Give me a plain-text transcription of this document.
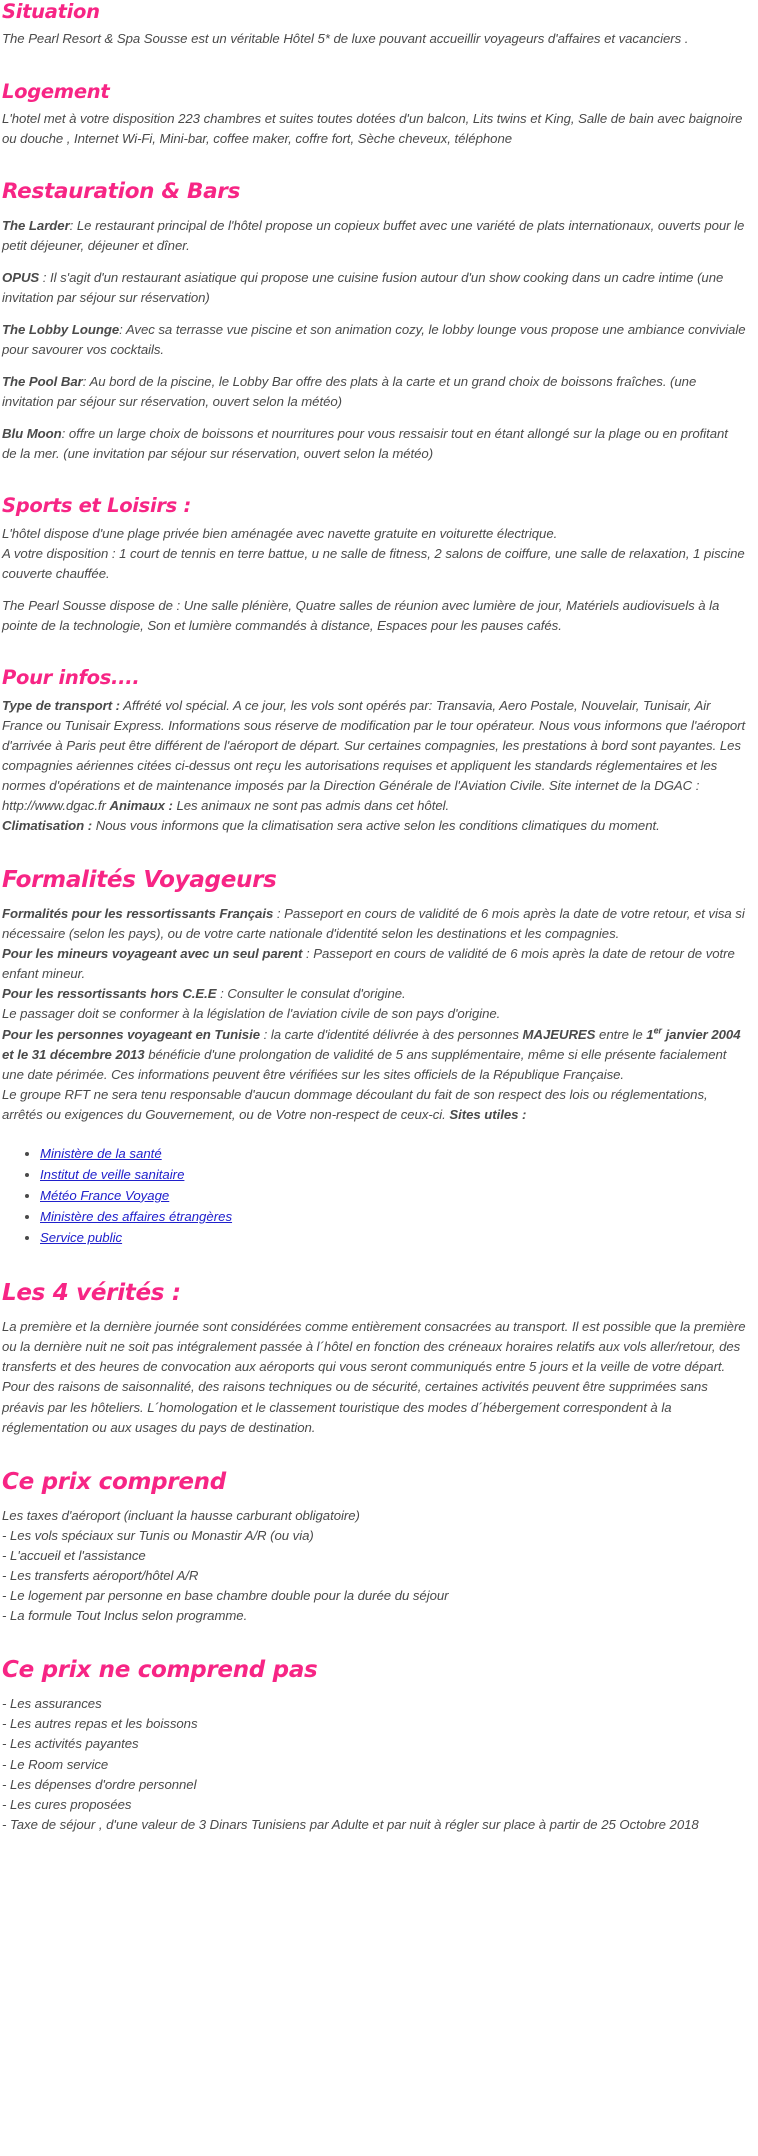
Situation

The Pearl Resort & Spa Sousse est un véritable Hôtel 5* de luxe pouvant accueillir voyageurs d'affaires et vacanciers .

Logement

L'hotel met à votre disposition 223 chambres et suites toutes dotées d'un balcon, Lits twins et King, Salle de bain avec baignoire ou douche , Internet Wi-Fi, Mini-bar, coffee maker, coffre fort, Sèche cheveux, téléphone

Restauration & Bars

The Larder: Le restaurant principal de l'hôtel propose un copieux buffet avec une variété de plats internationaux, ouverts pour le petit déjeuner, déjeuner et dîner.

OPUS : Il s'agit d'un restaurant asiatique qui propose une cuisine fusion autour d'un show cooking dans un cadre intime (une invitation par séjour sur réservation)

The Lobby Lounge: Avec sa terrasse vue piscine et son animation cozy, le lobby lounge vous propose une ambiance conviviale pour savourer vos cocktails.

The Pool Bar: Au bord de la piscine, le Lobby Bar offre des plats à la carte et un grand choix de boissons fraîches. (une invitation par séjour sur réservation, ouvert selon la météo)

Blu Moon: offre un large choix de boissons et nourritures pour vous ressaisir tout en étant allongé sur la plage ou en profitant de la mer. (une invitation par séjour sur réservation, ouvert selon la météo)

Sports et Loisirs :

L'hôtel dispose d'une plage privée bien aménagée avec navette gratuite en voiturette électrique.

A votre disposition : 1 court de tennis en terre battue, u ne salle de fitness, 2 salons de coiffure, une salle de relaxation, 1 piscine couverte chauffée.

The Pearl Sousse dispose de : Une salle plénière, Quatre salles de réunion avec lumière de jour, Matériels audiovisuels à la pointe de la technologie, Son et lumière commandés à distance, Espaces pour les pauses cafés.

Pour infos....

Type de transport : Affrété vol spécial. A ce jour, les vols sont opérés par: Transavia, Aero Postale, Nouvelair, Tunisair, Air France ou Tunisair Express. Informations sous réserve de modification par le tour opérateur. Nous vous informons que l'aéroport d'arrivée à Paris peut être différent de l'aéroport de départ. Sur certaines compagnies, les prestations à bord sont payantes. Les compagnies aériennes citées ci-dessus ont reçu les autorisations requises et appliquent les standards réglementaires et les normes d'opérations et de maintenance imposés par la Direction Générale de l'Aviation Civile. Site internet de la DGAC : http://www.dgac.fr Animaux : Les animaux ne sont pas admis dans cet hôtel.

Climatisation : Nous vous informons que la climatisation sera active selon les conditions climatiques du moment.

Formalités Voyageurs

Formalités pour les ressortissants Français : Passeport en cours de validité de 6 mois après la date de votre retour, et visa si nécessaire (selon les pays), ou de votre carte nationale d'identité selon les destinations et les compagnies.

Pour les mineurs voyageant avec un seul parent : Passeport en cours de validité de 6 mois après la date de retour de votre enfant mineur.

Pour les ressortissants hors C.E.E : Consulter le consulat d'origine.

Le passager doit se conformer à la législation de l'aviation civile de son pays d'origine.

Pour les personnes voyageant en Tunisie : la carte d'identité délivrée à des personnes MAJEURES entre le 1er janvier 2004 et le 31 décembre 2013 bénéficie d'une prolongation de validité de 5 ans supplémentaire, même si elle présente facialement une date périmée. Ces informations peuvent être vérifiées sur les sites officiels de la République Française.

Le groupe RFT ne sera tenu responsable d'aucun dommage découlant du fait de son respect des lois ou réglementations, arrêtés ou exigences du Gouvernement, ou de Votre non-respect de ceux-ci. Sites utiles :

• Ministère de la santé
• Institut de veille sanitaire
• Météo France Voyage
• Ministère des affaires étrangères
• Service public
Les 4 vérités :

La première et la dernière journée sont considérées comme entièrement consacrées au transport. Il est possible que la première ou la dernière nuit ne soit pas intégralement passée à l´hôtel en fonction des créneaux horaires relatifs aux vols aller/retour, des transferts et des heures de convocation aux aéroports qui vous seront communiqués entre 5 jours et la veille de votre départ. Pour des raisons de saisonnalité, des raisons techniques ou de sécurité, certaines activités peuvent être supprimées sans préavis par les hôteliers. L´homologation et le classement touristique des modes d´hébergement correspondent à la réglementation ou aux usages du pays de destination.

Ce prix comprend

Les taxes d'aéroport (incluant la hausse carburant obligatoire)

- Les vols spéciaux sur Tunis ou Monastir A/R (ou via)

- L'accueil et l'assistance

- Les transferts aéroport/hôtel A/R

- Le logement par personne en base chambre double pour la durée du séjour

- La formule Tout Inclus selon programme.

Ce prix ne comprend pas

- Les assurances

- Les autres repas et les boissons

- Les activités payantes

- Le Room service

- Les dépenses d'ordre personnel

- Les cures proposées

- Taxe de séjour , d'une valeur de 3 Dinars Tunisiens par Adulte et par nuit à régler sur place à partir de 25 Octobre 2018
